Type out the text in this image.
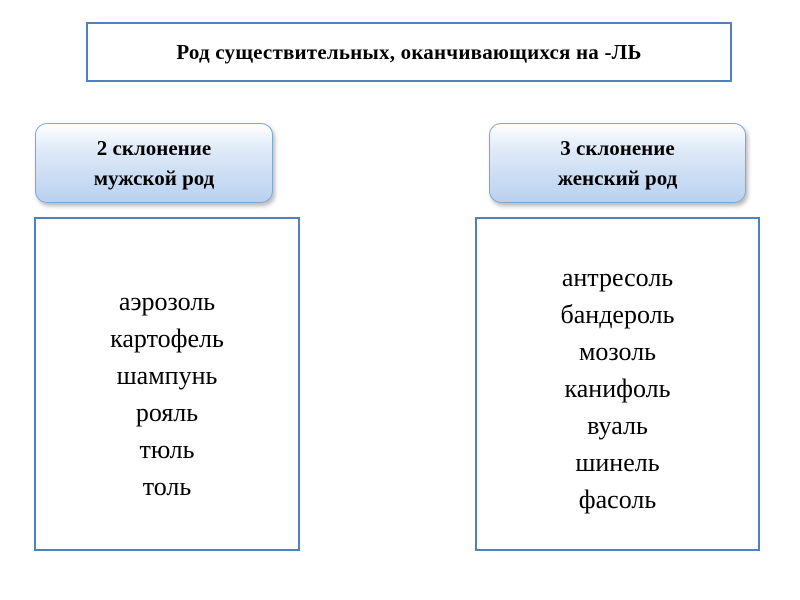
Род существительных, оканчивающихся на -ЛЬ
2 склонение
мужской род
3 склонение
женский род
аэрозоль
картофель
шампунь
рояль
тюль
толь
антресоль
бандероль
мозоль
канифоль
вуаль
шинель
фасоль
